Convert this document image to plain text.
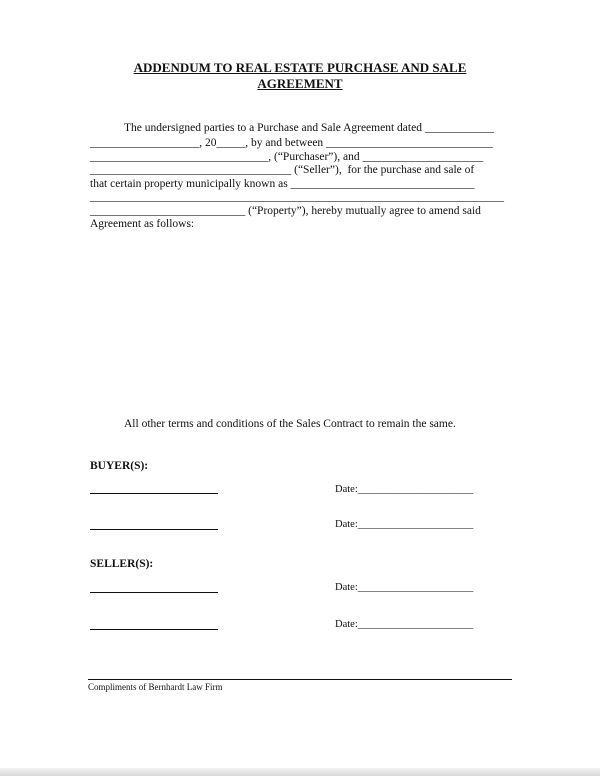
ADDENDUM TO REAL ESTATE PURCHASE AND SALE
AGREEMENT
The undersigned parties to a Purchase and Sale Agreement dated ____________
___________________, 20_____, by and between _____________________________
_______________________________, (“Purchaser”), and _____________________
___________________________________ (“Seller”),  for the purchase and sale of
that certain property municipally known as ________________________________
________________________________________________________________________
___________________________ (“Property”), hereby mutually agree to amend said
Agreement as follows:
All other terms and conditions of the Sales Contract to remain the same.
BUYER(S):
Date:______________________
Date:______________________
SELLER(S):
Date:______________________
Date:______________________
Compliments of Bernhardt Law Firm
